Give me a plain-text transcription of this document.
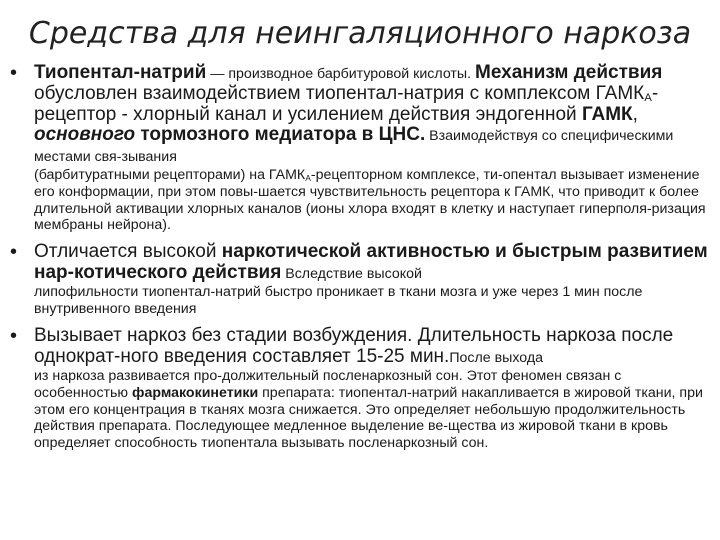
Средства для неингаляционного наркоза
• Тиопентал-натрий — производное барбитуровой кислоты. Механизм действия обусловлен взаимодействием тиопентал-натрия с комплексом $ГАМК_А$-рецептор - хлорный канал и усилением действия эндогенной ГАМК, основного тормозного медиатора в ЦНС. Взаимодействуя со специфическими местами свя-зывания
(барбитуратными рецепторами) на $ГАМК_А$-рецепторном комплексе, ти-опентал вызывает изменение его конформации, при этом повы-шается чувствительность рецептора к ГАМК, что приводит к более длительной активации хлорных каналов (ионы хлора входят в клетку и наступает гиперполя-ризация мембраны нейрона).
• Отличается высокой наркотической активностью и быстрым развитием нар-котического действия Вследствие высокой
липофильности тиопентал-натрий быстро проникает в ткани мозга и уже через 1 мин после внутривенного введения
• Вызывает наркоз без стадии возбуждения. Длительность наркоза после однократ-ного введения составляет 15-25 мин.После выхода
из наркоза развивается про-должительный посленаркозный сон. Этот феномен связан с особенностью фармакокинетики препарата: тиопентал-натрий накапливается в жировой ткани, при этом его концентрация в тканях мозга снижается. Это определяет небольшую продолжительность действия препарата. Последующее медленное выделение ве-щества из жировой ткани в кровь определяет способность тиопентала вызывать посленаркозный сон.
